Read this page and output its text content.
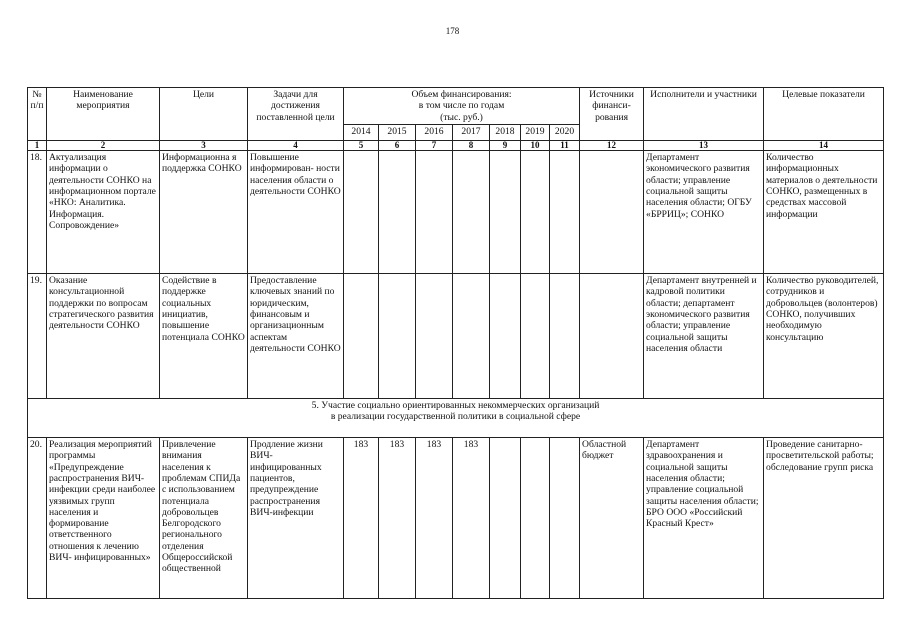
178
№ п/п	Наименование мероприятия	Цели	Задачи для достижения поставленной цели	Объем финансирования:
в том числе по годам
(тыс. руб.)							Источники финанси- рования	Исполнители и участники	Целевые показатели
				2014	2015	2016	2017	2018	2019	2020			
1	2	3	4	5	6	7	8	9	10	11	12	13	14
18.	Актуализация информации о деятельности СОНКО на информационном портале «НКО: Аналитика. Информация. Сопровождение»	Информационна я поддержка СОНКО	Повышение информирован- ности населения области о деятельности СОНКО									Департамент экономического развития области; управление социальной защиты населения области; ОГБУ «БРРИЦ»; СОНКО	Количество информационных материалов о деятельности СОНКО, размещенных в средствах массовой информации
19.	Оказание консультационной поддержки по вопросам стратегического развития деятельности СОНКО	Содействие в поддержке социальных инициатив, повышение потенциала СОНКО	Предоставление ключевых знаний по юридическим, финансовым и организационным аспектам деятельности СОНКО									Департамент внутренней и кадровой политики области; департамент экономического развития области; управление социальной защиты населения области	Количество руководителей, сотрудников и добровольцев (волонтеров) СОНКО, получивших необходимую консультацию

5. Участие социально ориентированных некоммерческих организаций
в реализации государственной политики в социальной сфере													

20.	Реализация мероприятий программы «Предупреждение распространения ВИЧ-инфекции среди наиболее уязвимых групп населения и формирование ответственного отношения к лечению ВИЧ- инфицированных»	Привлечение внимания населения к проблемам СПИДа с использованием потенциала добровольцев Белгородского регионального отделения Общероссийской общественной	Продление жизни ВИЧ- инфицированных пациентов, предупреждение распространения ВИЧ-инфекции	183	183	183	183				Областной бюджет	Департамент здравоохранения и социальной защиты населения области; управление социальной защиты населения области; БРО ООО «Российский Красный Крест»	Проведение санитарно- просветительской работы; обследование групп риска
